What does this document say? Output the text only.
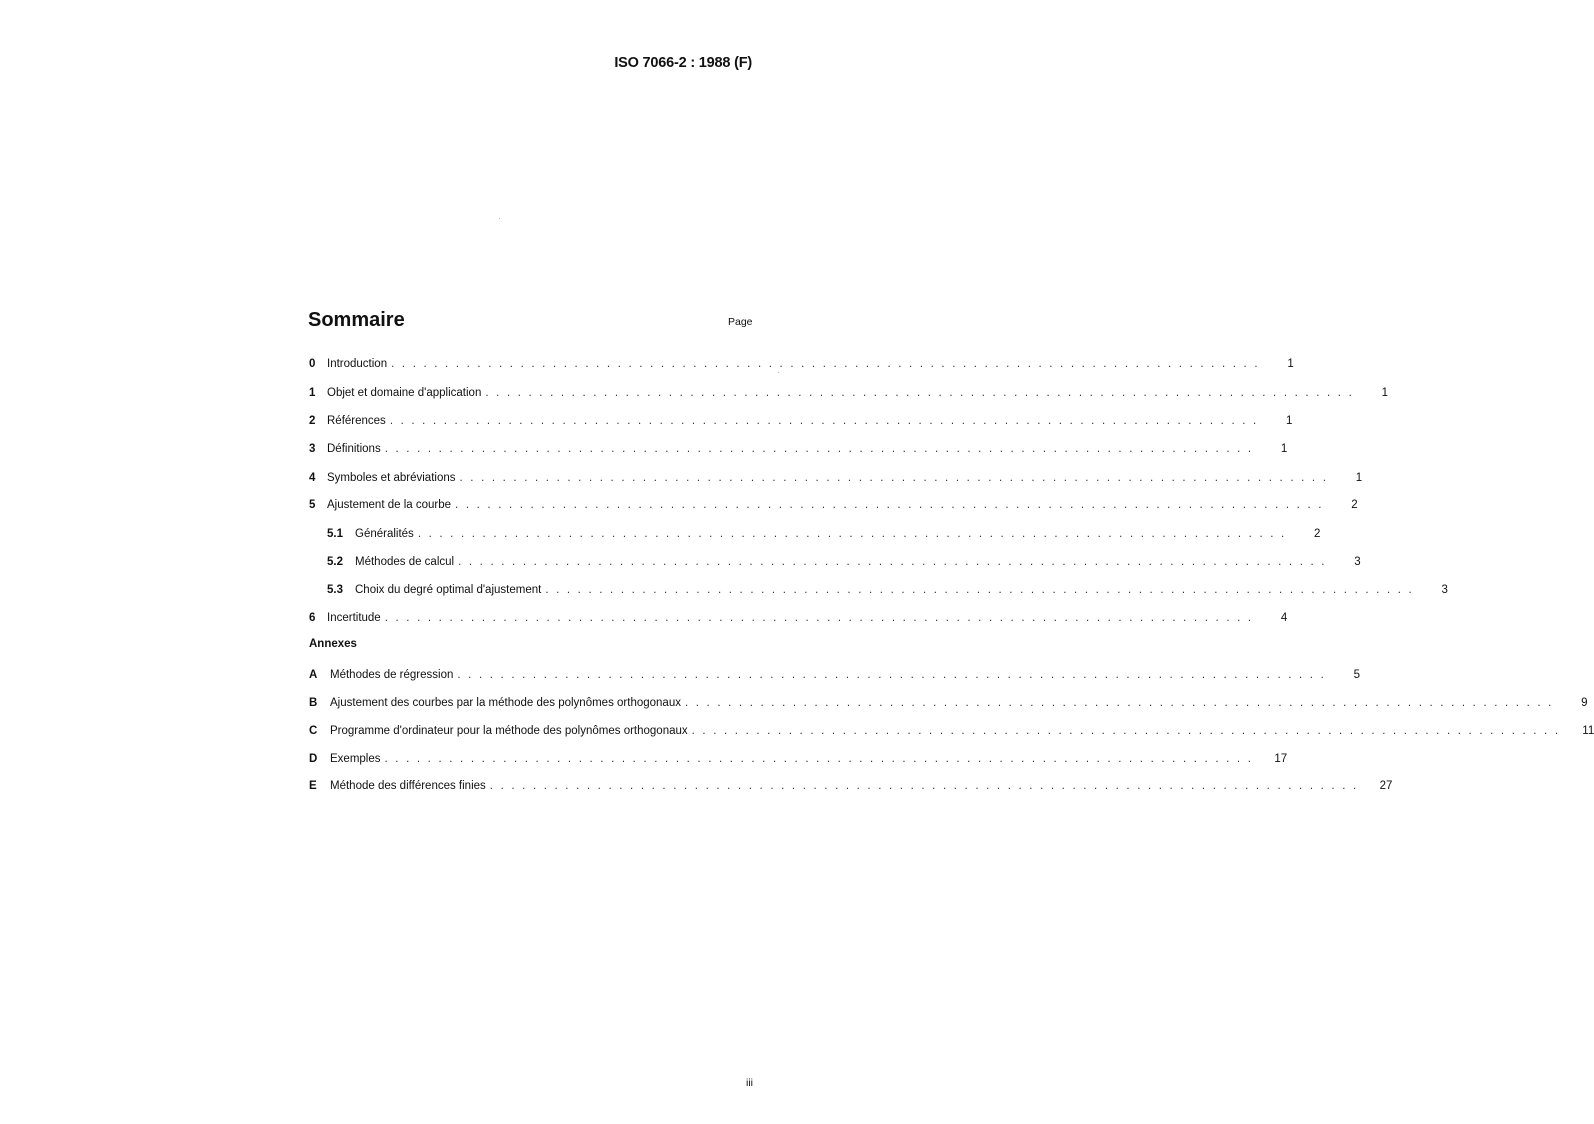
ISO 7066-2 : 1988 (F)
Sommaire	Page
0	Introduction . . . . . . . . . . . . . . . . . . . . . . . . . . . . . . . . . . . . . . . . . . . . . . . . . . . . . . . . . . . . . . . . . . . . . . . . . . . . . . . . .	1
1	Objet et domaine d'application . . . . . . . . . . . . . . . . . . . . . . . . . . . . . . . . . . . . . . . . . . . . . . . . . . . . . . . . . . . . . . . . . . . . . . . . . . . . . . . . .	1
2	Références . . . . . . . . . . . . . . . . . . . . . . . . . . . . . . . . . . . . . . . . . . . . . . . . . . . . . . . . . . . . . . . . . . . . . . . . . . . . . . . . .	1
3	Définitions . . . . . . . . . . . . . . . . . . . . . . . . . . . . . . . . . . . . . . . . . . . . . . . . . . . . . . . . . . . . . . . . . . . . . . . . . . . . . . . . .	1
4	Symboles et abréviations . . . . . . . . . . . . . . . . . . . . . . . . . . . . . . . . . . . . . . . . . . . . . . . . . . . . . . . . . . . . . . . . . . . . . . . . . . . . . . . . .	1
5	Ajustement de la courbe . . . . . . . . . . . . . . . . . . . . . . . . . . . . . . . . . . . . . . . . . . . . . . . . . . . . . . . . . . . . . . . . . . . . . . . . . . . . . . . . .	2
5.1	Généralités . . . . . . . . . . . . . . . . . . . . . . . . . . . . . . . . . . . . . . . . . . . . . . . . . . . . . . . . . . . . . . . . . . . . . . . . . . . . . . . . .	2
5.2	Méthodes de calcul . . . . . . . . . . . . . . . . . . . . . . . . . . . . . . . . . . . . . . . . . . . . . . . . . . . . . . . . . . . . . . . . . . . . . . . . . . . . . . . . .	3
5.3	Choix du degré optimal d'ajustement . . . . . . . . . . . . . . . . . . . . . . . . . . . . . . . . . . . . . . . . . . . . . . . . . . . . . . . . . . . . . . . . . . . . . . . . . . . . . . . . .	3
6	Incertitude . . . . . . . . . . . . . . . . . . . . . . . . . . . . . . . . . . . . . . . . . . . . . . . . . . . . . . . . . . . . . . . . . . . . . . . . . . . . . . . . .	4
A	Méthodes de régression . . . . . . . . . . . . . . . . . . . . . . . . . . . . . . . . . . . . . . . . . . . . . . . . . . . . . . . . . . . . . . . . . . . . . . . . . . . . . . . . .	5
B	Ajustement des courbes par la méthode des polynômes orthogonaux . . . . . . . . . . . . . . . . . . . . . . . . . . . . . . . . . . . . . . . . . . . . . . . . . . . . . . . . . . . . . . . . . . . . . . . . . . . . . . . . .	9
C	Programme d'ordinateur pour la méthode des polynômes orthogonaux . . . . . . . . . . . . . . . . . . . . . . . . . . . . . . . . . . . . . . . . . . . . . . . . . . . . . . . . . . . . . . . . . . . . . . . . . . . . . . . . .	11
D	Exemples . . . . . . . . . . . . . . . . . . . . . . . . . . . . . . . . . . . . . . . . . . . . . . . . . . . . . . . . . . . . . . . . . . . . . . . . . . . . . . . . .	17
E	Méthode des différences finies . . . . . . . . . . . . . . . . . . . . . . . . . . . . . . . . . . . . . . . . . . . . . . . . . . . . . . . . . . . . . . . . . . . . . . . . . . . . . . . . .	27
Annexes
iii
